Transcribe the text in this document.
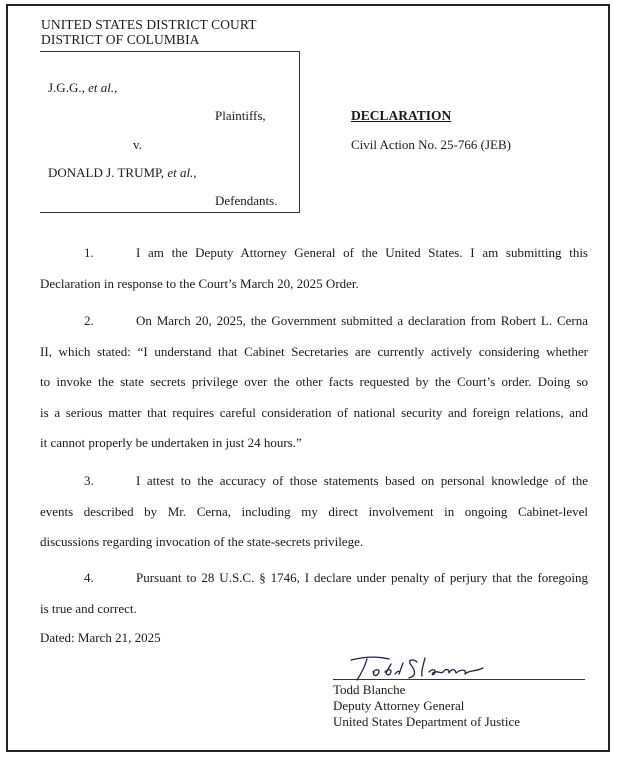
UNITED STATES DISTRICT COURT
DISTRICT OF COLUMBIA
J.G.G., et al.,
Plaintiffs,
v.
DONALD J. TRUMP, et al.,
Defendants.
DECLARATION
Civil Action No. 25-766 (JEB)
1.	I am the Deputy Attorney General of the United States. I am submitting this
Declaration in response to the Court’s March 20, 2025 Order.
2.	On March 20, 2025, the Government submitted a declaration from Robert L. Cerna
II, which stated: “I understand that Cabinet Secretaries are currently actively considering whether
to invoke the state secrets privilege over the other facts requested by the Court’s order. Doing so
is a serious matter that requires careful consideration of national security and foreign relations, and
it cannot properly be undertaken in just 24 hours.”
3.	I attest to the accuracy of those statements based on personal knowledge of the
events described by Mr. Cerna, including my direct involvement in ongoing Cabinet-level
discussions regarding invocation of the state-secrets privilege.
4.	Pursuant to 28 U.S.C. § 1746, I declare under penalty of perjury that the foregoing
is true and correct.
Dated: March 21, 2025
Todd Blanche
Deputy Attorney General
United States Department of Justice
